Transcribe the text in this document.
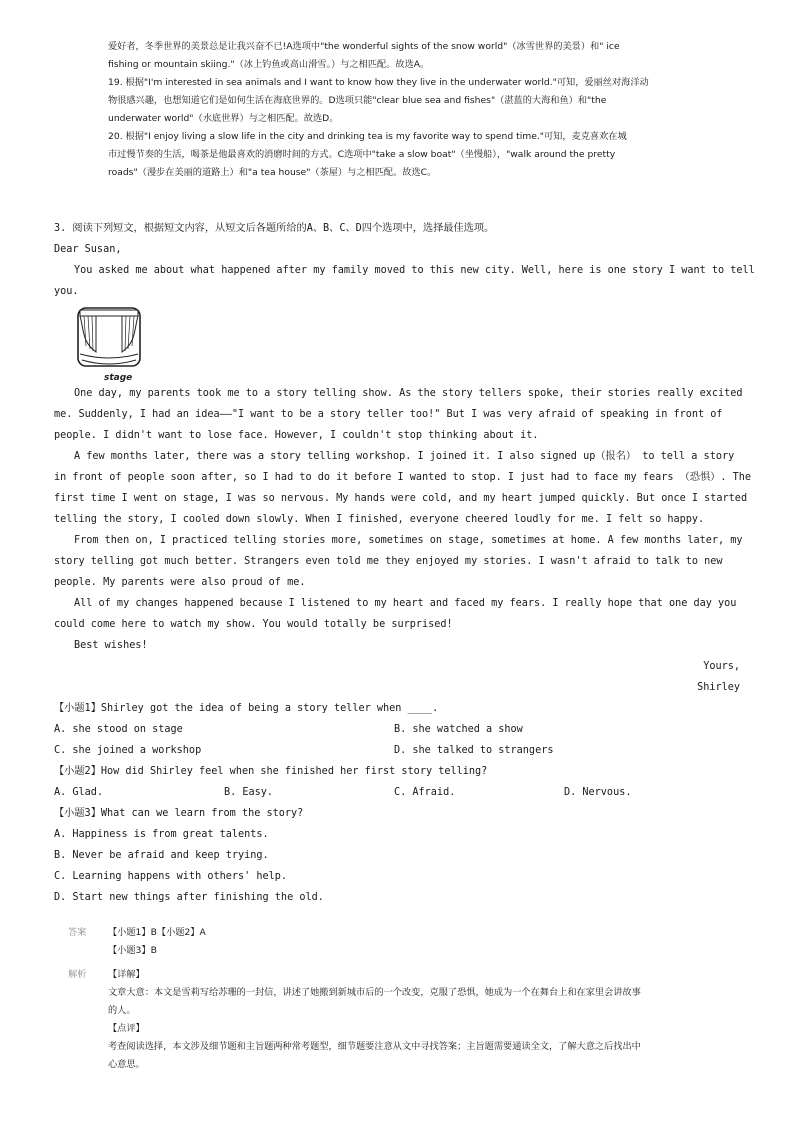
爱好者，冬季世界的美景总是让我兴奋不已!A选项中"the wonderful sights of the snow world"（冰雪世界的美景）和" ice
fishing or mountain skiing."（冰上钓鱼或高山滑雪。）与之相匹配。故选A。
19. 根据"I'm interested in sea animals and I want to know how they live in the underwater world."可知，爱丽丝对海洋动
物很感兴趣，也想知道它们是如何生活在海底世界的。D选项只能"clear blue sea and fishes"（湛蓝的大海和鱼）和"the
underwater world"（水底世界）与之相匹配。故选D。
20. 根据"I enjoy living a slow life in the city and drinking tea is my favorite way to spend time."可知，麦克喜欢在城
市过慢节奏的生活，喝茶是他最喜欢的消磨时间的方式。C选项中"take a slow boat"（坐慢船），"walk around the pretty
roads"（漫步在美丽的道路上）和"a tea house"（茶屋）与之相匹配。故选C。
3. 阅读下列短文，根据短文内容，从短文后各题所给的A、B、C、D四个选项中，选择最佳选项。
Dear Susan,
You asked me about what happened after my family moved to this new city. Well, here is one story I want to tell
you.
stage
One day, my parents took me to a story telling show. As the story tellers spoke, their stories really excited
me. Suddenly, I had an idea——"I want to be a story teller too!" But I was very afraid of speaking in front of
people. I didn't want to lose face. However, I couldn't stop thinking about it.
A few months later, there was a story telling workshop. I joined it. I also signed up（报名） to tell a story
in front of people soon after, so I had to do it before I wanted to stop. I just had to face my fears （恐惧）. The
first time I went on stage, I was so nervous. My hands were cold, and my heart jumped quickly. But once I started
telling the story, I cooled down slowly. When I finished, everyone cheered loudly for me. I felt so happy.
From then on, I practiced telling stories more, sometimes on stage, sometimes at home. A few months later, my
story telling got much better. Strangers even told me they enjoyed my stories. I wasn't afraid to talk to new
people. My parents were also proud of me.
All of my changes happened because I listened to my heart and faced my fears. I really hope that one day you
could come here to watch my show. You would totally be surprised!
Best wishes!
Yours,
Shirley
【小题1】Shirley got the idea of being a story teller when ____.
A. she stood on stage	B. she watched a show
C. she joined a workshop	D. she talked to strangers
【小题2】How did Shirley feel when she finished her first story telling?
A. Glad.	B. Easy.	C. Afraid.	D. Nervous.
【小题3】What can we learn from the story?
A. Happiness is from great talents.
B. Never be afraid and keep trying.
C. Learning happens with others' help.
D. Start new things after finishing the old.
答案 【小题1】B【小题2】A
【小题3】B
解析 【详解】
文章大意：本文是雪莉写给苏珊的一封信，讲述了她搬到新城市后的一个改变，克服了恐惧，她成为一个在舞台上和在家里会讲故事
的人。
【点评】
考查阅读选择，本文涉及细节题和主旨题两种常考题型，细节题要注意从文中寻找答案；主旨题需要通读全文，了解大意之后找出中
心意思。
